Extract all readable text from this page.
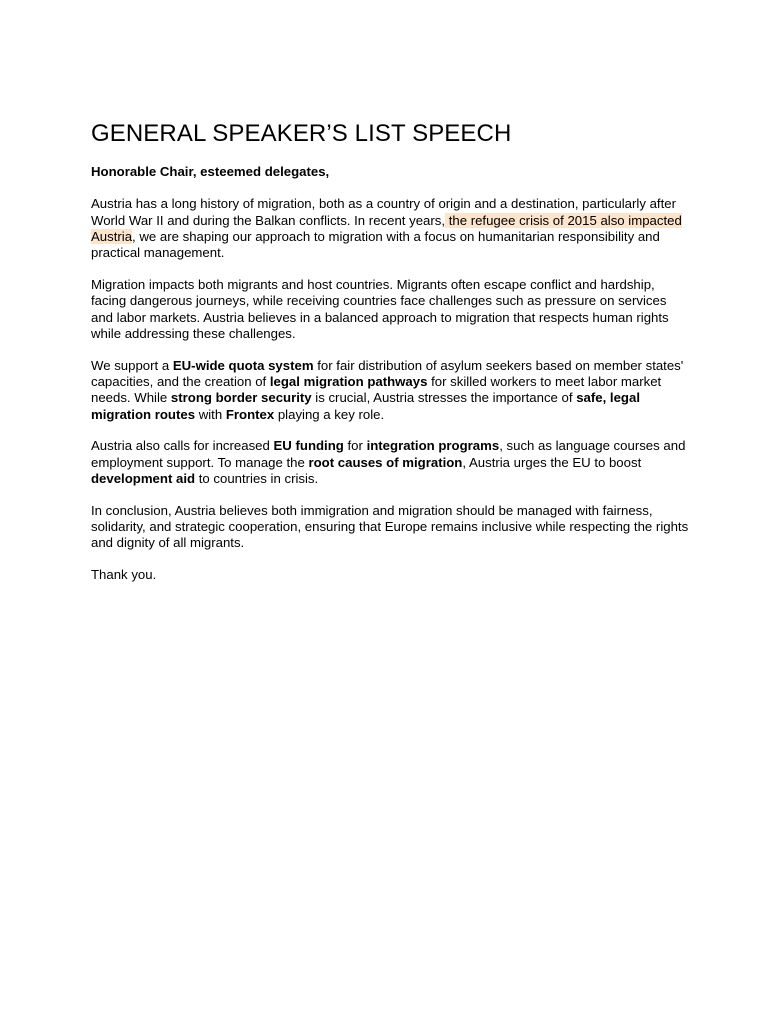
GENERAL SPEAKER’S LIST SPEECH

Honorable Chair, esteemed delegates,

Austria has a long history of migration, both as a country of origin and a destination, particularly after World War II and during the Balkan conflicts. In recent years, the refugee crisis of 2015 also impacted Austria, we are shaping our approach to migration with a focus on humanitarian responsibility and practical management.

Migration impacts both migrants and host countries. Migrants often escape conflict and hardship, facing dangerous journeys, while receiving countries face challenges such as pressure on services and labor markets. Austria believes in a balanced approach to migration that respects human rights while addressing these challenges.

We support a EU-wide quota system for fair distribution of asylum seekers based on member states' capacities, and the creation of legal migration pathways for skilled workers to meet labor market needs. While strong border security is crucial, Austria stresses the importance of safe, legal migration routes with Frontex playing a key role.

Austria also calls for increased EU funding for integration programs, such as language courses and employment support. To manage the root causes of migration, Austria urges the EU to boost development aid to countries in crisis.

In conclusion, Austria believes both immigration and migration should be managed with fairness, solidarity, and strategic cooperation, ensuring that Europe remains inclusive while respecting the rights and dignity of all migrants.

Thank you.
